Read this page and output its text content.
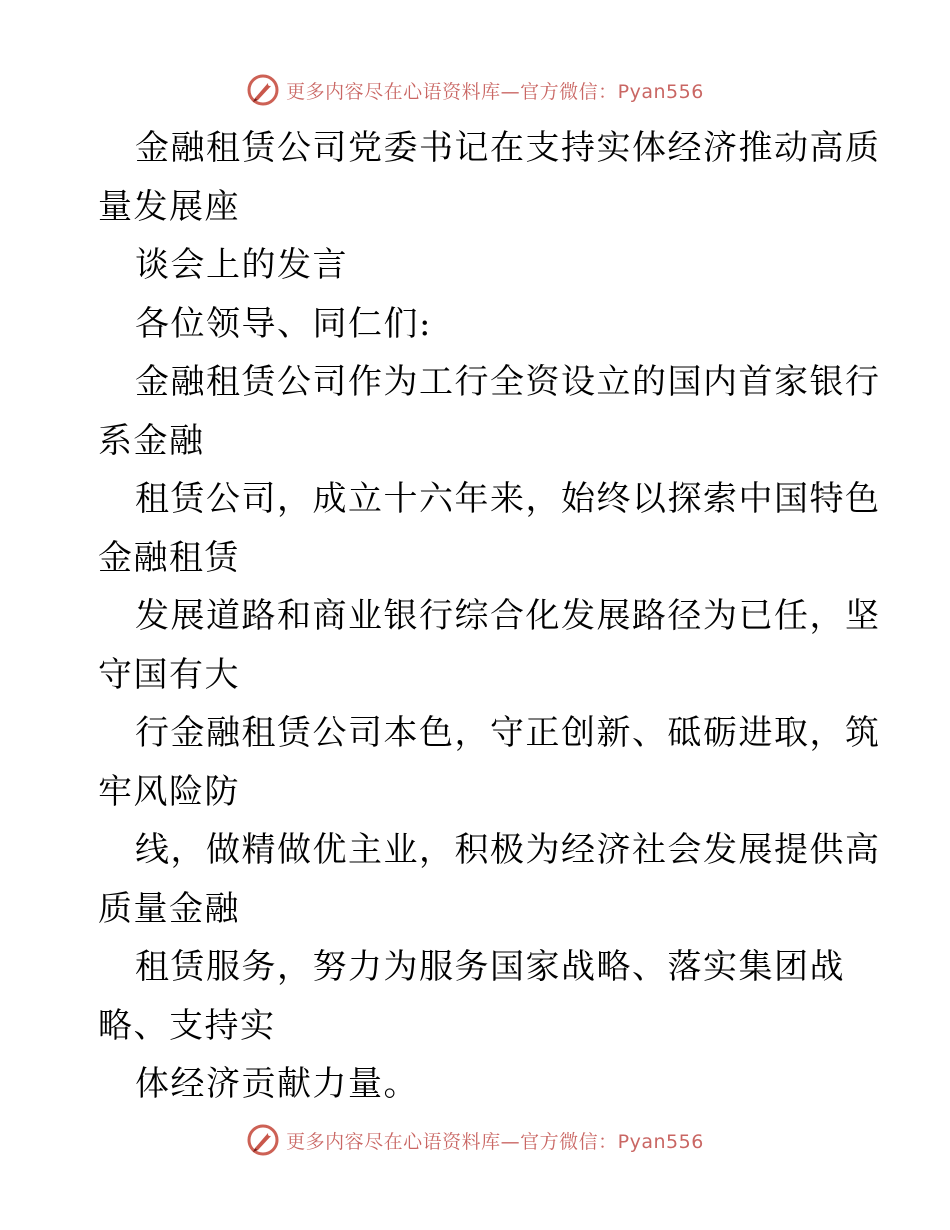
更多内容尽在心语资料库—官方微信：Pyan556
金融租赁公司党委书记在支持实体经济推动高质
量发展座
谈会上的发言
各位领导、同仁们:
金融租赁公司作为工行全资设立的国内首家银行
系金融
租赁公司，成立十六年来，始终以探索中国特色
金融租赁
发展道路和商业银行综合化发展路径为已任，坚
守国有大
行金融租赁公司本色，守正创新、砥砺进取，筑
牢风险防
线，做精做优主业，积极为经济社会发展提供高
质量金融
租赁服务，努力为服务国家战略、落实集团战
略、支持实
体经济贡献力量。
更多内容尽在心语资料库—官方微信：Pyan556
